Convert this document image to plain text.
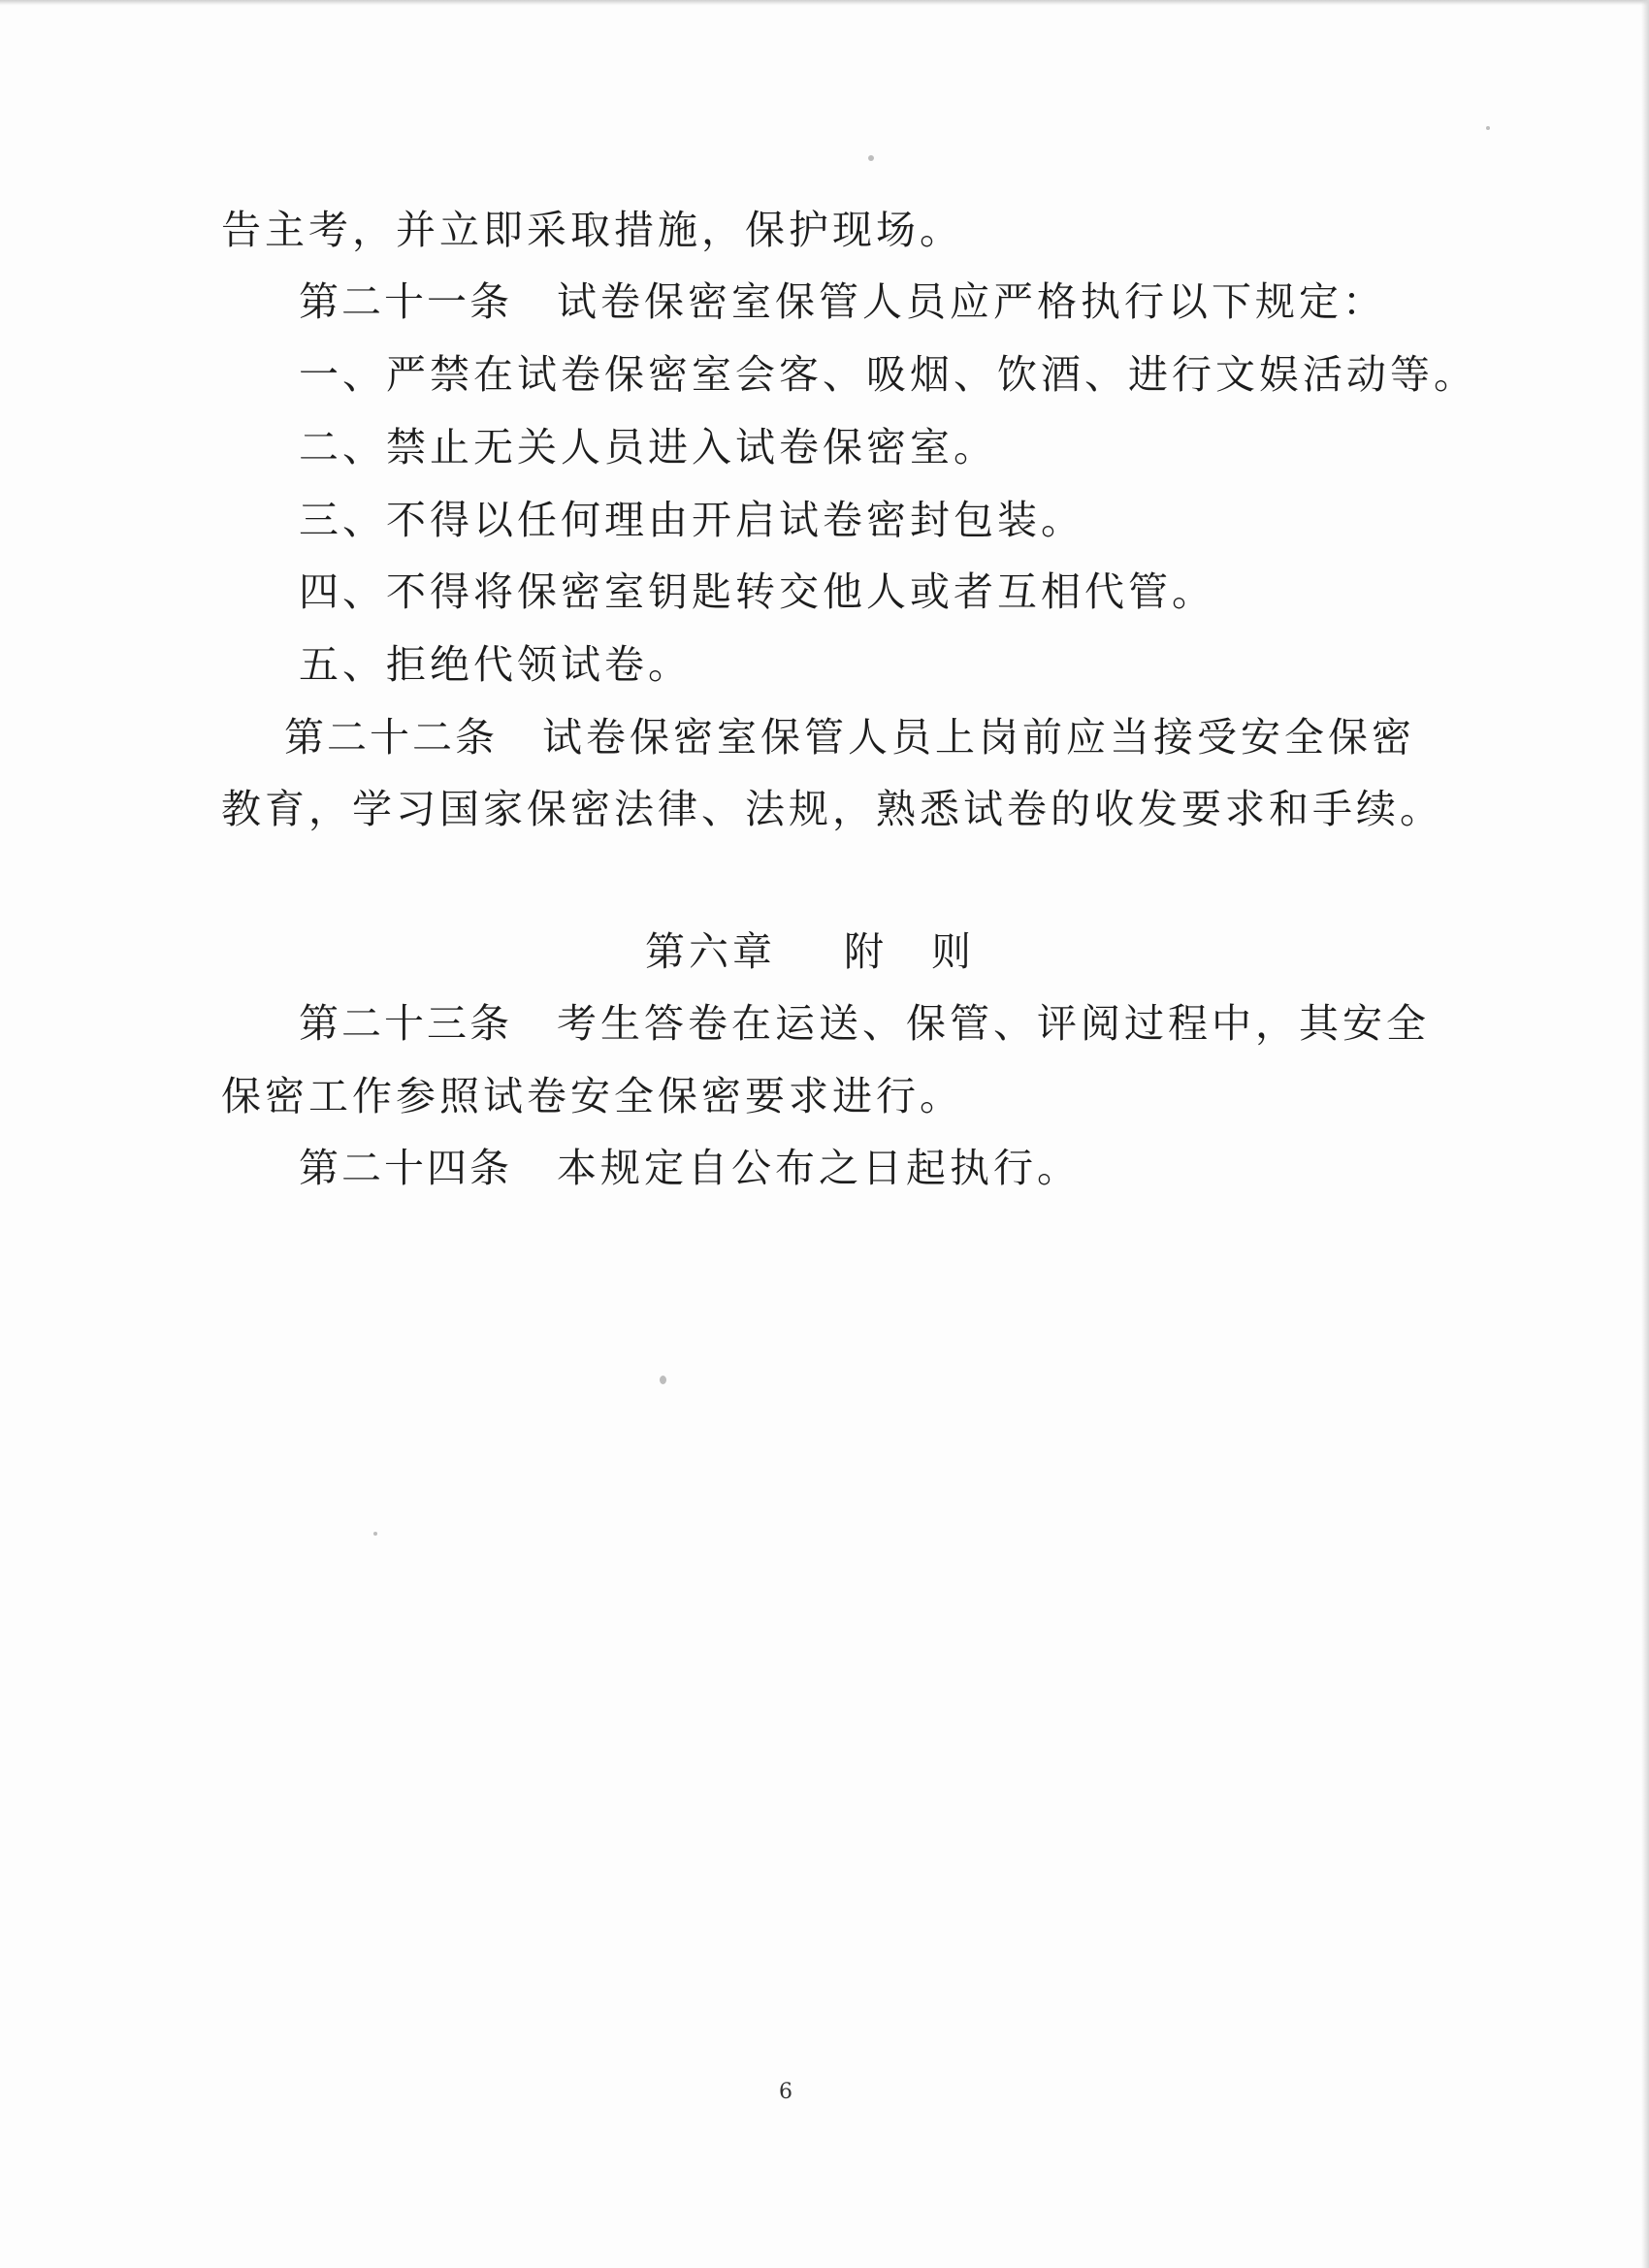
告主考，并立即采取措施，保护现场。
第二十一条 试卷保密室保管人员应严格执行以下规定：
一、严禁在试卷保密室会客、吸烟、饮酒、进行文娱活动等。
二、禁止无关人员进入试卷保密室。
三、不得以任何理由开启试卷密封包装。
四、不得将保密室钥匙转交他人或者互相代管。
五、拒绝代领试卷。
第二十二条 试卷保密室保管人员上岗前应当接受安全保密
教育，学习国家保密法律、法规，熟悉试卷的收发要求和手续。
第六章 附　则
第二十三条 考生答卷在运送、保管、评阅过程中，其安全
保密工作参照试卷安全保密要求进行。
第二十四条 本规定自公布之日起执行。
6
